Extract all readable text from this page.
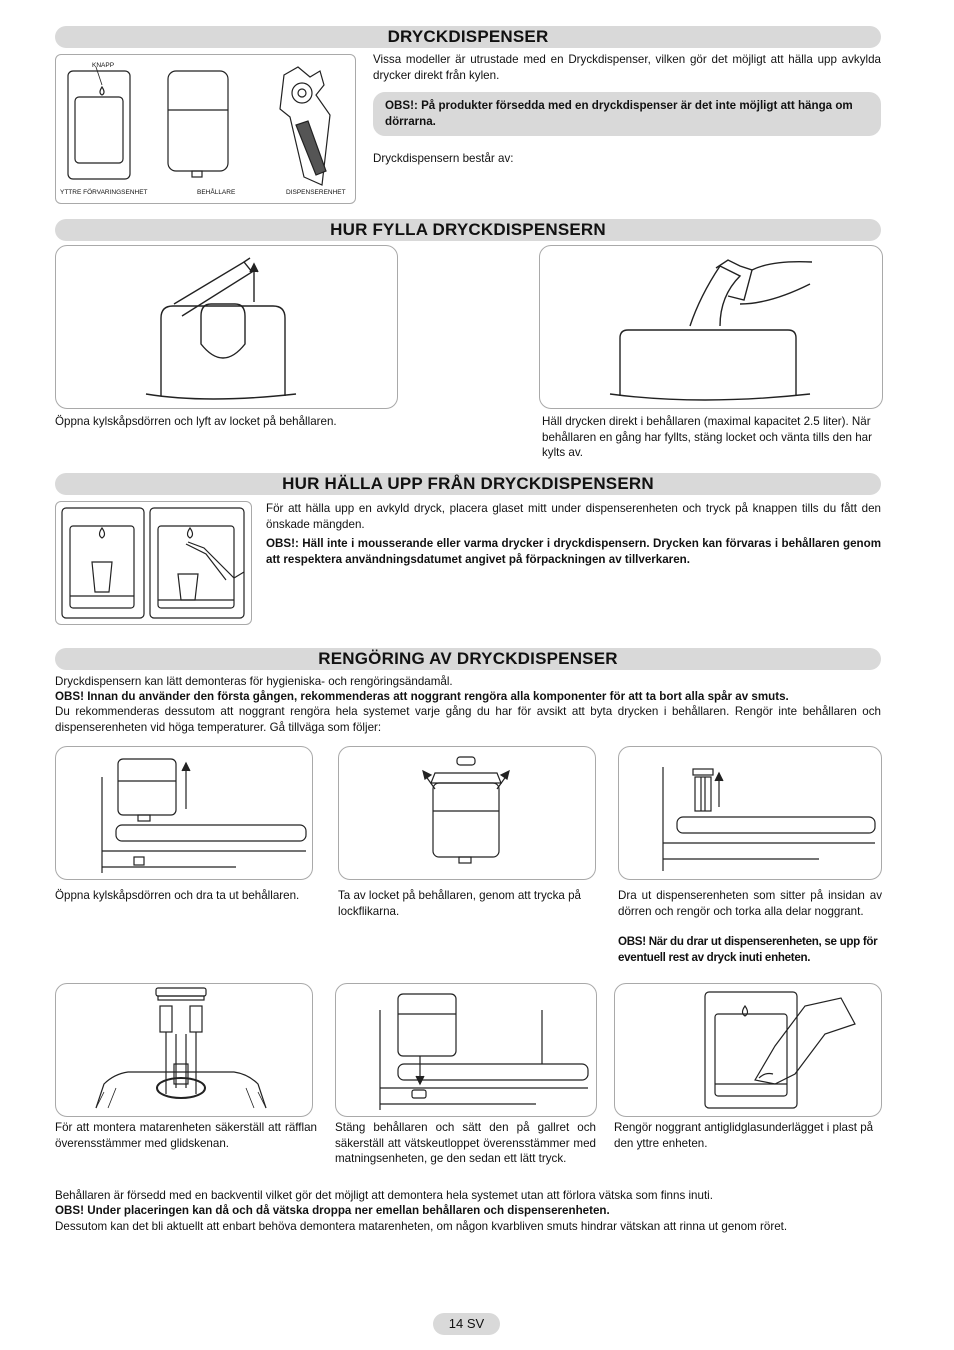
DRYCKDISPENSER
KNAPP
YTTRE FÖRVARINGSENHET	BEHÅLLARE	DISPENSERENHET
Vissa modeller är utrustade med en Dryckdispenser, vilken gör det möjligt att hälla upp avkylda drycker direkt från kylen.
OBS!: På produkter försedda med en dryckdispenser är det inte möjligt att hänga om dörrarna.
Dryckdispensern består av:
HUR FYLLA DRYCKDISPENSERN
Öppna kylskåpsdörren och lyft av locket på behållaren.	Häll drycken direkt i behållaren (maximal kapacitet 2.5 liter). När behållaren en gång har fyllts, stäng locket och vänta tills den har kylts av.
HUR HÄLLA UPP FRÅN DRYCKDISPENSERN
För att hälla upp en avkyld dryck, placera glaset mitt under dispenserenheten och tryck på knappen tills du fått den önskade mängden.
OBS!: Häll inte i mousserande eller varma drycker i dryckdispensern. Drycken kan förvaras i behållaren genom att respektera användningsdatumet angivet på förpackningen av tillverkaren.
RENGÖRING AV DRYCKDISPENSER
Dryckdispensern kan lätt demonteras för hygieniska- och rengöringsändamål.
OBS! Innan du använder den första gången, rekommenderas att noggrant rengöra alla komponenter för att ta bort alla spår av smuts.
Du rekommenderas dessutom att noggrant rengöra hela systemet varje gång du har för avsikt att byta drycken i behållaren. Rengör inte behållaren och dispenserenheten vid höga temperaturer. Gå tillväga som följer:
Öppna kylskåpsdörren och dra ta ut behållaren.	Ta av locket på behållaren, genom att trycka på lockflikarna.
Dra ut dispenserenheten som sitter på insidan av dörren och rengör och torka alla delar noggrant.
OBS! När du drar ut dispenserenheten, se upp för eventuell rest av dryck inuti enheten.
För att montera matarenheten säkerställ att räfflan överensstämmer med glidskenan.
Stäng behållaren och sätt den på gallret och säkerställ att vätskeutloppet överensstämmer med matningsenheten, ge den sedan ett lätt tryck.
Rengör noggrant antiglidglasunderlägget i plast på den yttre enheten.
Behållaren är försedd med en backventil vilket gör det möjligt att demontera hela systemet utan att förlora vätska som finns inuti.
OBS! Under placeringen kan då och då vätska droppa ner emellan behållaren och dispenserenheten.
Dessutom kan det bli aktuellt att enbart behöva demontera matarenheten, om någon kvarbliven smuts hindrar vätskan att rinna ut genom röret.
14 SV
